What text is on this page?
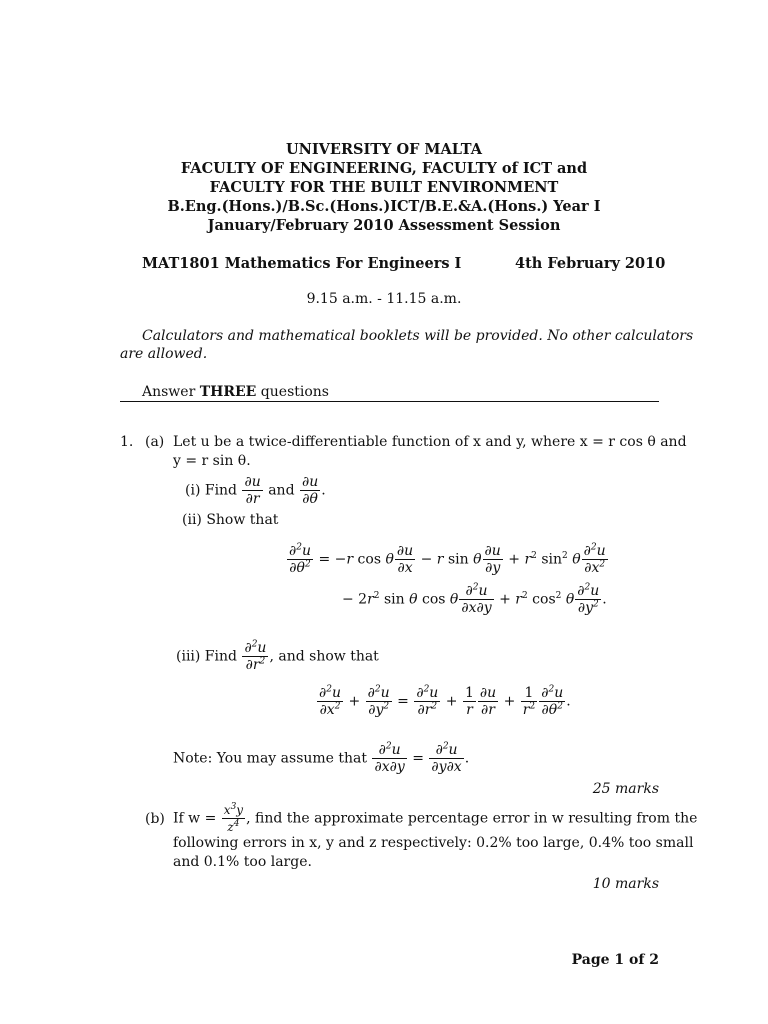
UNIVERSITY OF MALTA
FACULTY OF ENGINEERING, FACULTY of ICT and
FACULTY FOR THE BUILT ENVIRONMENT
B.Eng.(Hons.)/B.Sc.(Hons.)ICT/B.E.&A.(Hons.) Year I
January/February 2010 Assessment Session
MAT1801 Mathematics For Engineers I	4th February 2010
9.15 a.m. - 11.15 a.m.
Calculators and mathematical booklets will be provided. No other calculators
are allowed.
Answer THREE questions
1. (a) Let u be a twice-differentiable function of x and y, where x = r cos θ and
y = r sin θ.
(i) Find $\frac{\partial u}{\partial r}$ and $\frac{\partial u}{\partial\theta}$ .
(ii) Show that
$\frac{\partial^2u}{\partial\theta^2} = -r$ cos θ $\frac{\partial u}{\partial x} - r$ sin θ $\frac{\partial u}{\partial y} + r^2$ $\sin^2 \theta \frac{\partial^2u}{\partial x^2}$
− $2r^2$ sin θ cos θ $\frac{\partial^2u}{\partial x\partial y} + r^2$ $\cos^2 \theta \frac{\partial^2u}{\partial y^2}$ .
(iii) Find $\frac{\partial^2u}{\partial r^2}$ , and show that
$\frac{\partial^2u}{\partial x^2} + \frac{\partial^2u}{\partial y^2} = \frac{\partial^2u}{\partial r^2} + \frac{1}{r} \frac{\partial u}{\partial r} + \frac{1}{r^2} \frac{\partial^2u}{\partial\theta^2}$ .
Note: You may assume that $\frac{\partial^2u}{\partial x\partial y} = \frac{\partial^2u}{\partial y\partial x}$ .
25 marks
(b) If $w = \frac{x^3y}{z^4}$ , find the approximate percentage error in w resulting from the
following errors in x, y and z respectively: 0.2% too large, 0.4% too small
and 0.1% too large.
10 marks
Page 1 of 2
